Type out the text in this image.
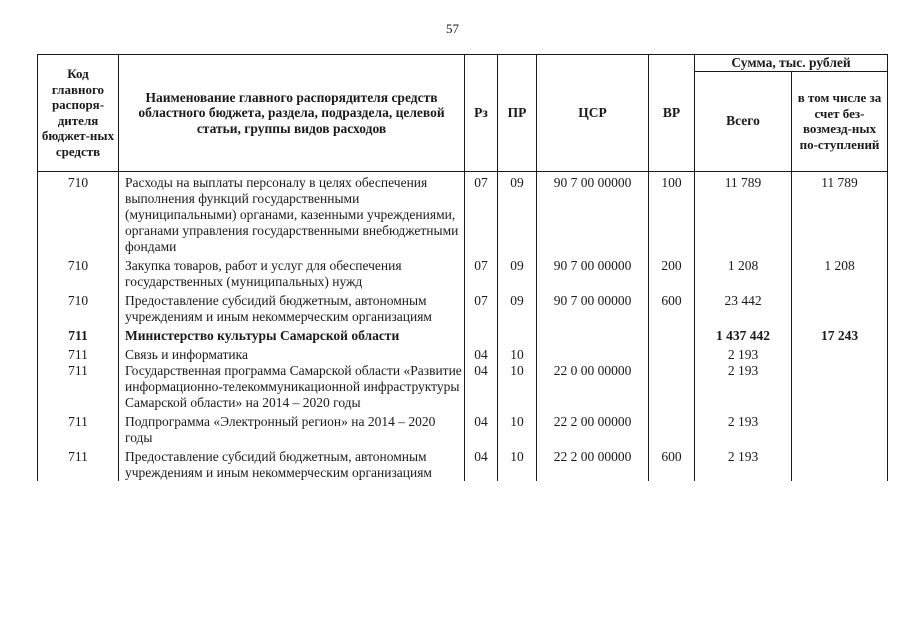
57
Код главного распоря-дителя бюджет-ных средств	Наименование главного распорядителя средств областного бюджета, раздела, подраздела, целевой статьи, группы видов расходов	Рз	ПР	ЦСР	ВР	Сумма, тыс. рублей	
						Всего	в том числе за счет без-возмезд-ных по-ступлений
710	Расходы на выплаты персоналу в целях обеспечения выполнения функций государственными (муниципальными) органами, казенными учреждениями, органами управления государственными внебюджетными фондами	07	09	90 7 00 00000	100	11 789	11 789
710	Закупка товаров, работ и услуг для обеспечения государственных (муниципальных) нужд	07	09	90 7 00 00000	200	1 208	1 208
710	Предоставление субсидий бюджетным, автономным учреждениям и иным некоммерческим организациям	07	09	90 7 00 00000	600	23 442	
711	Министерство культуры Самарской области					1 437 442	17 243
711	Связь и информатика	04	10			2 193	
711	Государственная программа Самарской области «Развитие информационно-телекоммуникационной инфраструктуры Самарской области» на 2014 – 2020 годы	04	10	22 0 00 00000		2 193	
711	Подпрограмма «Электронный регион» на 2014 – 2020 годы	04	10	22 2 00 00000		2 193	
711	Предоставление субсидий бюджетным, автономным учреждениям и иным некоммерческим организациям	04	10	22 2 00 00000	600	2 193	
